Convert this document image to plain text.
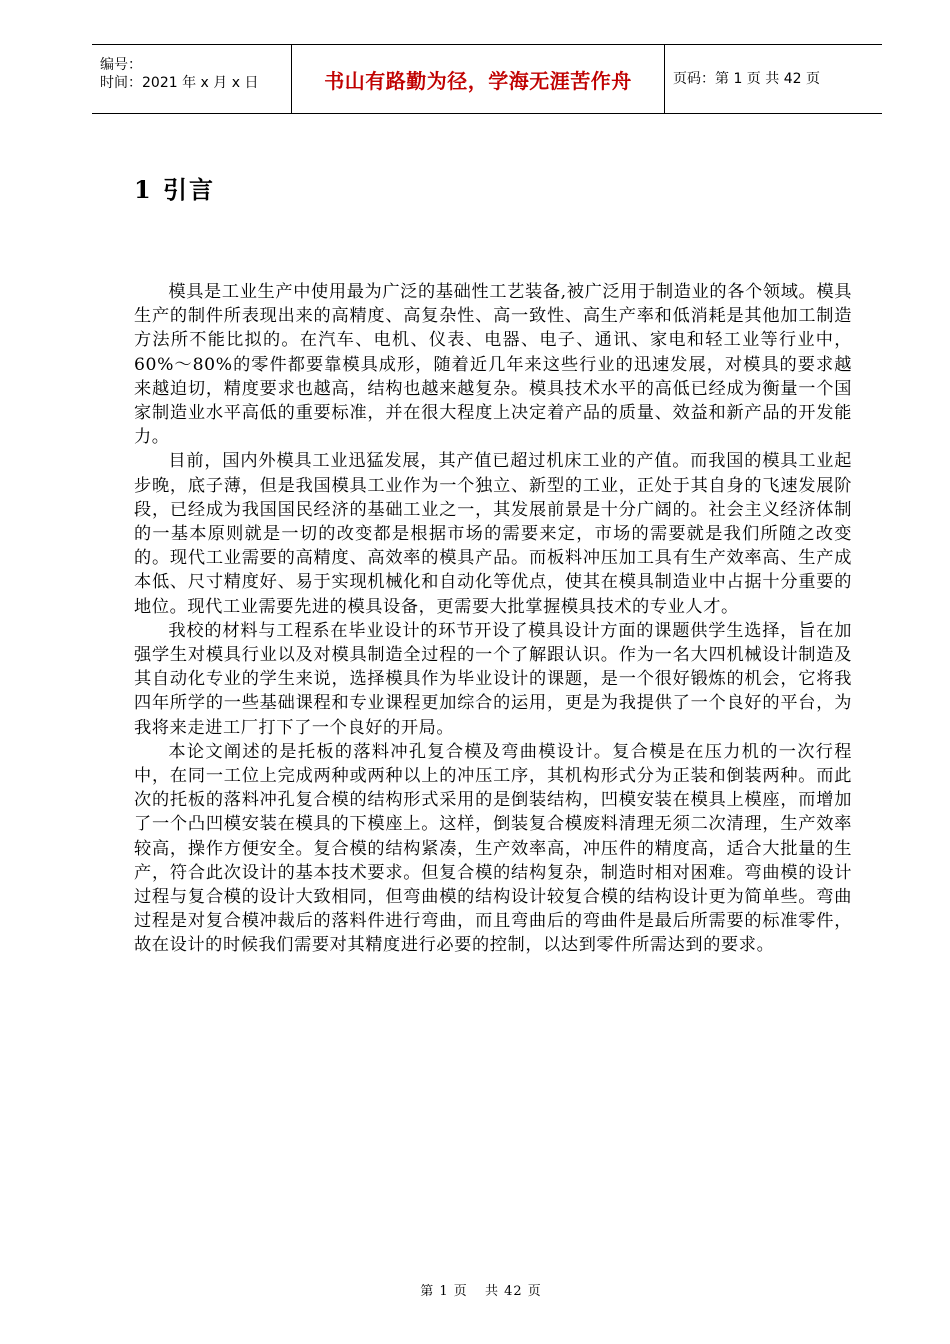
编号：
时间：2021 年 x 月 x 日	书山有路勤为径，学海无涯苦作舟	页码：第 1 页 共 42 页
1 引言

模具是工业生产中使用最为广泛的基础性工艺装备,被广泛用于制造业的各个领域。模具生产的制件所表现出来的高精度、高复杂性、高一致性、高生产率和低消耗是其他加工制造方法所不能比拟的。在汽车、电机、仪表、电器、电子、通讯、家电和轻工业等行业中，60%～80%的零件都要靠模具成形，随着近几年来这些行业的迅速发展，对模具的要求越来越迫切，精度要求也越高，结构也越来越复杂。模具技术水平的高低已经成为衡量一个国家制造业水平高低的重要标准，并在很大程度上决定着产品的质量、效益和新产品的开发能力。

目前，国内外模具工业迅猛发展，其产值已超过机床工业的产值。而我国的模具工业起步晚，底子薄，但是我国模具工业作为一个独立、新型的工业，正处于其自身的飞速发展阶段，已经成为我国国民经济的基础工业之一，其发展前景是十分广阔的。社会主义经济体制的一基本原则就是一切的改变都是根据市场的需要来定，市场的需要就是我们所随之改变的。现代工业需要的高精度、高效率的模具产品。而板料冲压加工具有生产效率高、生产成本低、尺寸精度好、易于实现机械化和自动化等优点，使其在模具制造业中占据十分重要的地位。现代工业需要先进的模具设备，更需要大批掌握模具技术的专业人才。

我校的材料与工程系在毕业设计的环节开设了模具设计方面的课题供学生选择，旨在加强学生对模具行业以及对模具制造全过程的一个了解跟认识。作为一名大四机械设计制造及其自动化专业的学生来说，选择模具作为毕业设计的课题，是一个很好锻炼的机会，它将我四年所学的一些基础课程和专业课程更加综合的运用，更是为我提供了一个良好的平台，为我将来走进工厂打下了一个良好的开局。

本论文阐述的是托板的落料冲孔复合模及弯曲模设计。复合模是在压力机的一次行程中，在同一工位上完成两种或两种以上的冲压工序，其机构形式分为正装和倒装两种。而此次的托板的落料冲孔复合模的结构形式采用的是倒装结构，凹模安装在模具上模座，而增加了一个凸凹模安装在模具的下模座上。这样，倒装复合模废料清理无须二次清理，生产效率较高，操作方便安全。复合模的结构紧凑，生产效率高，冲压件的精度高，适合大批量的生产，符合此次设计的基本技术要求。但复合模的结构复杂，制造时相对困难。弯曲模的设计过程与复合模的设计大致相同，但弯曲模的结构设计较复合模的结构设计更为简单些。弯曲过程是对复合模冲裁后的落料件进行弯曲，而且弯曲后的弯曲件是最后所需要的标准零件，故在设计的时候我们需要对其精度进行必要的控制，以达到零件所需达到的要求。

第 1 页 共 42 页
